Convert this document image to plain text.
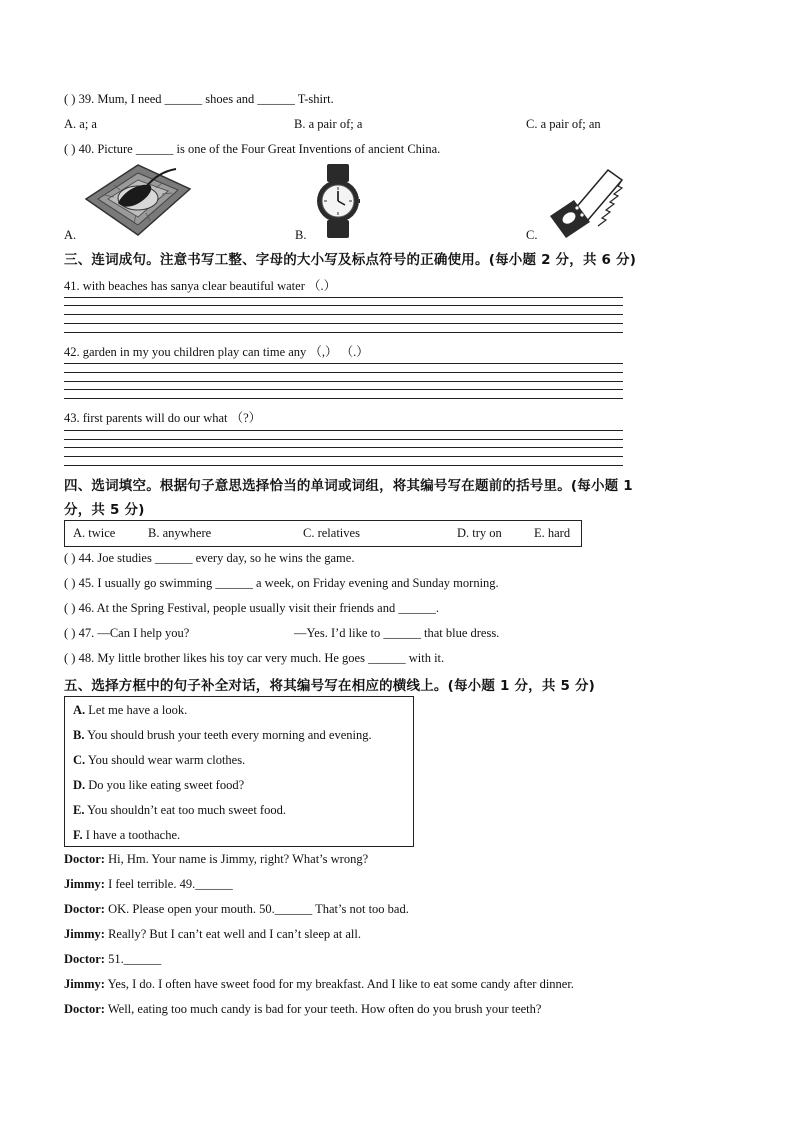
( ) 39. Mum, I need ______ shoes and ______ T-shirt.
A. a; a	B. a pair of; a	C. a pair of; an
( ) 40. Picture ______ is one of the Four Great Inventions of ancient China.
A.	B.	C.
三、连词成句。注意书写工整、字母的大小写及标点符号的正确使用。(每小题 2 分，共 6 分)
41. with beaches has sanya clear beautiful water （.）
42. garden in my you children play can time any （,） （.）
43. first parents will do our what （?）
四、选词填空。根据句子意思选择恰当的单词或词组，将其编号写在题前的括号里。(每小题 1
分，共 5 分)
A. twice	B. anywhere	C. relatives	D. try on	E. hard
( ) 44. Joe studies ______ every day, so he wins the game.
( ) 45. I usually go swimming ______ a week, on Friday evening and Sunday morning.
( ) 46. At the Spring Festival, people usually visit their friends and ______.
( ) 47. —Can I help you?	—Yes. I’d like to ______ that blue dress.
( ) 48. My little brother likes his toy car very much. He goes ______ with it.
五、选择方框中的句子补全对话，将其编号写在相应的横线上。(每小题 1 分，共 5 分)
A. Let me have a look.
B. You should brush your teeth every morning and evening.
C. You should wear warm clothes.
D. Do you like eating sweet food?
E. You shouldn’t eat too much sweet food.
F. I have a toothache.
Doctor: Hi, Hm. Your name is Jimmy, right? What’s wrong?
Jimmy: I feel terrible. 49.______
Doctor: OK. Please open your mouth. 50.______ That’s not too bad.
Jimmy: Really? But I can’t eat well and I can’t sleep at all.
Doctor: 51.______
Jimmy: Yes, I do. I often have sweet food for my breakfast. And I like to eat some candy after dinner.
Doctor: Well, eating too much candy is bad for your teeth. How often do you brush your teeth?
